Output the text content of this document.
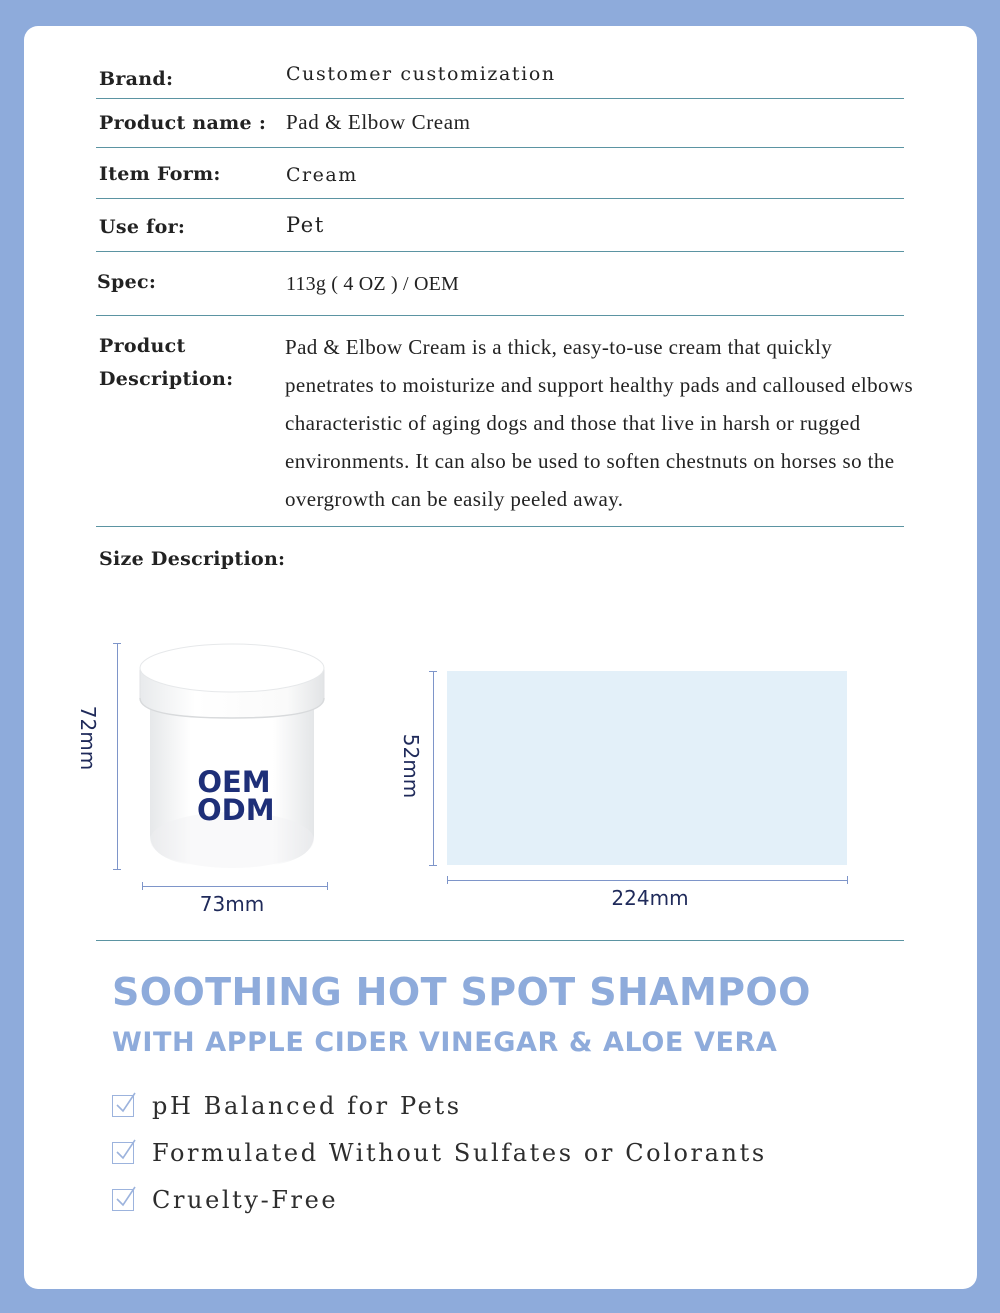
Brand:	Customer customization
Product name : Pad & Elbow Cream
Item Form:	Cream
Use for:	Pet
Spec:	113g ( 4 OZ ) / OEM
Product
Description:
Pad & Elbow Cream is a thick, easy-to-use cream that quickly penetrates to moisturize and support healthy pads and calloused elbows characteristic of aging dogs and those that live in harsh or rugged environments. It can also be used to soften chestnuts on horses so the overgrowth can be easily peeled away.
Size Description:
OEM
ODM
72mm
73mm
52mm
224mm
SOOTHING HOT SPOT SHAMPOO
WITH APPLE CIDER VINEGAR & ALOE VERA
pH Balanced for Pets
Formulated Without Sulfates or Colorants
Cruelty-Free
